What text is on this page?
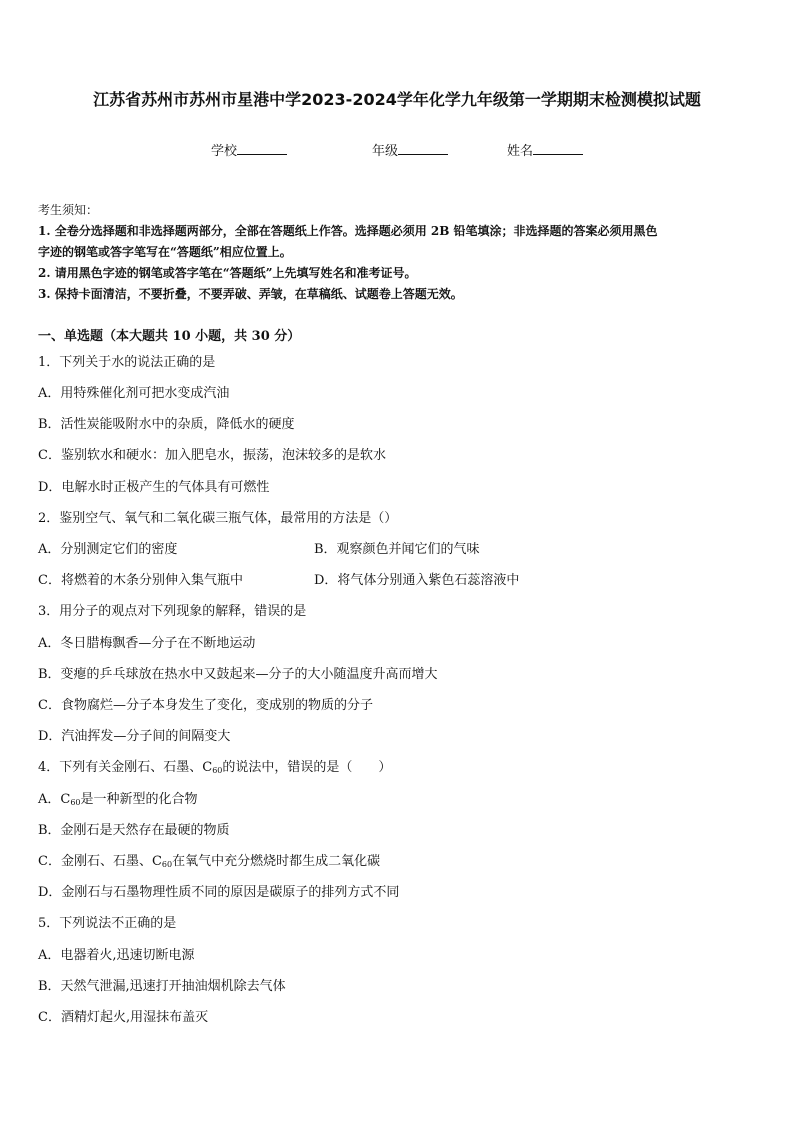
江苏省苏州市苏州市星港中学2023-2024学年化学九年级第一学期期末检测模拟试题
学校	年级	姓名
考生须知：
1. 全卷分选择题和非选择题两部分，全部在答题纸上作答。选择题必须用 2B 铅笔填涂；非选择题的答案必须用黑色
字迹的钢笔或答字笔写在“答题纸”相应位置上。
2. 请用黑色字迹的钢笔或答字笔在“答题纸”上先填写姓名和准考证号。
3. 保持卡面清洁，不要折叠，不要弄破、弄皱，在草稿纸、试题卷上答题无效。
一、单选题（本大题共 10 小题，共 30 分）
1．下列关于水的说法正确的是
A．用特殊催化剂可把水变成汽油
B．活性炭能吸附水中的杂质，降低水的硬度
C．鉴别软水和硬水：加入肥皂水，振荡，泡沫较多的是软水
D．电解水时正极产生的气体具有可燃性
2．鉴别空气、氧气和二氧化碳三瓶气体，最常用的方法是（）
A．分别测定它们的密度	B．观察颜色并闻它们的气味
C．将燃着的木条分别伸入集气瓶中	D．将气体分别通入紫色石蕊溶液中
3．用分子的观点对下列现象的解释，错误的是
A．冬日腊梅飘香—分子在不断地运动
B．变瘪的乒乓球放在热水中又鼓起来—分子的大小随温度升高而增大
C．食物腐烂—分子本身发生了变化，变成别的物质的分子
D．汽油挥发—分子间的间隔变大
4．下列有关金刚石、石墨、$C_{60}$的说法中，错误的是（　　）
A．$C_{60}$是一种新型的化合物
B．金刚石是天然存在最硬的物质
C．金刚石、石墨、$C_{60}$在氧气中充分燃烧时都生成二氧化碳
D．金刚石与石墨物理性质不同的原因是碳原子的排列方式不同
5．下列说法不正确的是
A．电器着火,迅速切断电源
B．天然气泄漏,迅速打开抽油烟机除去气体
C．酒精灯起火,用湿抹布盖灭
